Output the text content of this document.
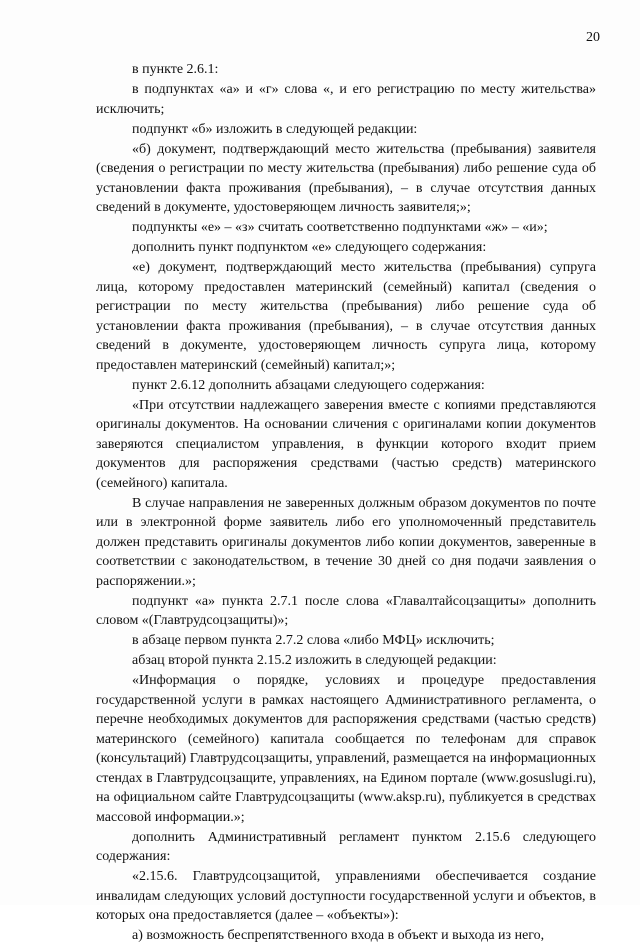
20

в пункте 2.6.1:

в подпунктах «а» и «г» слова «, и его регистрацию по месту жительства» исключить;

подпункт «б» изложить в следующей редакции:

«б) документ, подтверждающий место жительства (пребывания) заявителя (сведения о регистрации по месту жительства (пребывания) либо решение суда об установлении факта проживания (пребывания), – в случае отсутствия данных сведений в документе, удостоверяющем личность заявителя;»;

подпункты «е» – «з» считать соответственно подпунктами «ж» – «и»;

дополнить пункт подпунктом «е» следующего содержания:

«е) документ, подтверждающий место жительства (пребывания) супруга лица, которому предоставлен материнский (семейный) капитал (сведения о регистрации по месту жительства (пребывания) либо решение суда об установлении факта проживания (пребывания), – в случае отсутствия данных сведений в документе, удостоверяющем личность супруга лица, которому предоставлен материнский (семейный) капитал;»;

пункт 2.6.12 дополнить абзацами следующего содержания:

«При отсутствии надлежащего заверения вместе с копиями представляются оригиналы документов. На основании сличения с оригиналами копии документов заверяются специалистом управления, в функции которого входит прием документов для распоряжения средствами (частью средств) материнского (семейного) капитала.

В случае направления не заверенных должным образом документов по почте или в электронной форме заявитель либо его уполномоченный представитель должен представить оригиналы документов либо копии документов, заверенные в соответствии с законодательством, в течение 30 дней со дня подачи заявления о распоряжении.»;

подпункт «а» пункта 2.7.1 после слова «Главалтайсоцзащиты» дополнить словом «(Главтрудсоцзащиты)»;

в абзаце первом пункта 2.7.2 слова «либо МФЦ» исключить;

абзац второй пункта 2.15.2 изложить в следующей редакции:

«Информация о порядке, условиях и процедуре предоставления государственной услуги в рамках настоящего Административного регламента, о перечне необходимых документов для распоряжения средствами (частью средств) материнского (семейного) капитала сообщается по телефонам для справок (консультаций) Главтрудсоцзащиты, управлений, размещается на информационных стендах в Главтрудсоцзащите, управлениях, на Едином портале (www.gosuslugi.ru), на официальном сайте Главтрудсоцзащиты (www.aksp.ru), публикуется в средствах массовой информации.»;

дополнить Административный регламент пунктом 2.15.6 следующего содержания:

«2.15.6. Главтрудсоцзащитой, управлениями обеспечивается создание инвалидам следующих условий доступности государственной услуги и объектов, в которых она предоставляется (далее – «объекты»):

а) возможность беспрепятственного входа в объект и выхода из него,
